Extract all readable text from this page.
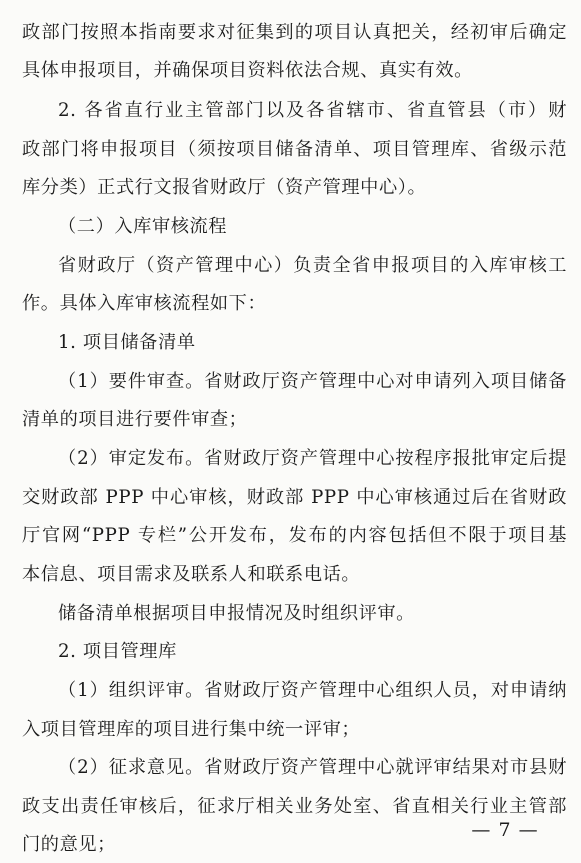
政部门按照本指南要求对征集到的项目认真把关，经初审后确定
具体申报项目，并确保项目资料依法合规、真实有效。
2. 各省直行业主管部门以及各省辖市、省直管县（市）财
政部门将申报项目（须按项目储备清单、项目管理库、省级示范
库分类）正式行文报省财政厅（资产管理中心）。
（二）入库审核流程
省财政厅（资产管理中心）负责全省申报项目的入库审核工
作。具体入库审核流程如下：
1. 项目储备清单
（1）要件审查。省财政厅资产管理中心对申请列入项目储备
清单的项目进行要件审查；
（2）审定发布。省财政厅资产管理中心按程序报批审定后提
交财政部 PPP 中心审核，财政部 PPP 中心审核通过后在省财政
厅官网“PPP 专栏”公开发布，发布的内容包括但不限于项目基
本信息、项目需求及联系人和联系电话。
储备清单根据项目申报情况及时组织评审。
2. 项目管理库
（1）组织评审。省财政厅资产管理中心组织人员，对申请纳
入项目管理库的项目进行集中统一评审；
（2）征求意见。省财政厅资产管理中心就评审结果对市县财
政支出责任审核后，征求厅相关业务处室、省直相关行业主管部
门的意见；
— 7 —
